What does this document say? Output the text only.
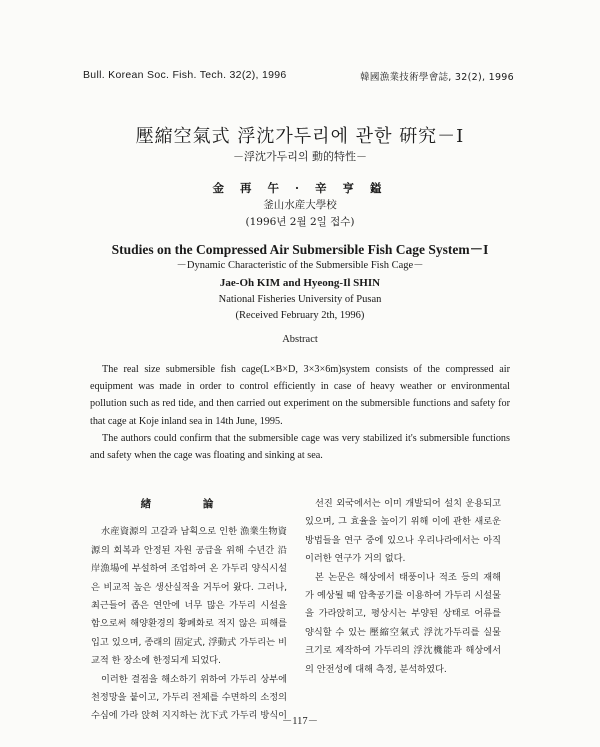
Bull. Korean Soc. Fish. Tech. 32(2), 1996	韓國漁業技術學會誌, 32(2), 1996
壓縮空氣式 浮沈가두리에 관한 硏究－I
－浮沈가두리의 動的特性－
金 再 午 · 辛 亨 鎰
釜山水産大學校
(1996년 2월 2일 접수)
Studies on the Compressed Air Submersible Fish Cage System－I
－Dynamic Characteristic of the Submersible Fish Cage－
Jae-Oh KIM and Hyeong-Il SHIN
National Fisheries University of Pusan
(Received February 2th, 1996)
Abstract

The real size submersible fish cage(L×B×D, 3×3×6m)system consists of the compressed air equipment was made in order to control efficiently in case of heavy weather or environmental pollution such as red tide, and then carried out experiment on the submersible functions and safety for that cage at Koje inland sea in 14th June, 1995.

The authors could confirm that the submersible cage was very stabilized it's submersible functions and safety when the cage was floating and sinking at sea.

緖 論

水産資源의 고갈과 남획으로 인한 漁業生物資源의 회복과 안정된 자원 공급을 위해 수년간 沿岸漁場에 부설하여 조업하여 온 가두리 양식시설은 비교적 높은 생산실적을 거두어 왔다. 그러나, 최근들어 좁은 연안에 너무 많은 가두리 시설을 함으로써 해양환경의 황폐화로 적지 않은 피해를 입고 있으며, 종래의 固定式, 浮動式 가두리는 비교적 한 장소에 한정되게 되었다.

이러한 결점을 해소하기 위하여 가두리 상부에 천정망을 붙이고, 가두리 전체를 수면하의 소정의 수심에 가라 앉혀 지지하는 沈下式 가두리 방식이

선진 외국에서는 이미 개발되어 설치 운용되고 있으며, 그 효율을 높이기 위해 이에 관한 새로운 방법들을 연구 중에 있으나 우리나라에서는 아직 이러한 연구가 거의 없다.

본 논문은 해상에서 태풍이나 적조 등의 재해가 예상될 때 압축공기를 이용하여 가두리 시설물을 가라앉히고, 평상시는 부양된 상태로 어류를 양식할 수 있는 壓縮空氣式 浮沈가두리를 실물 크기로 제작하여 가두리의 浮沈機能과 해상에서의 안전성에 대해 측정, 분석하였다.

－117－
